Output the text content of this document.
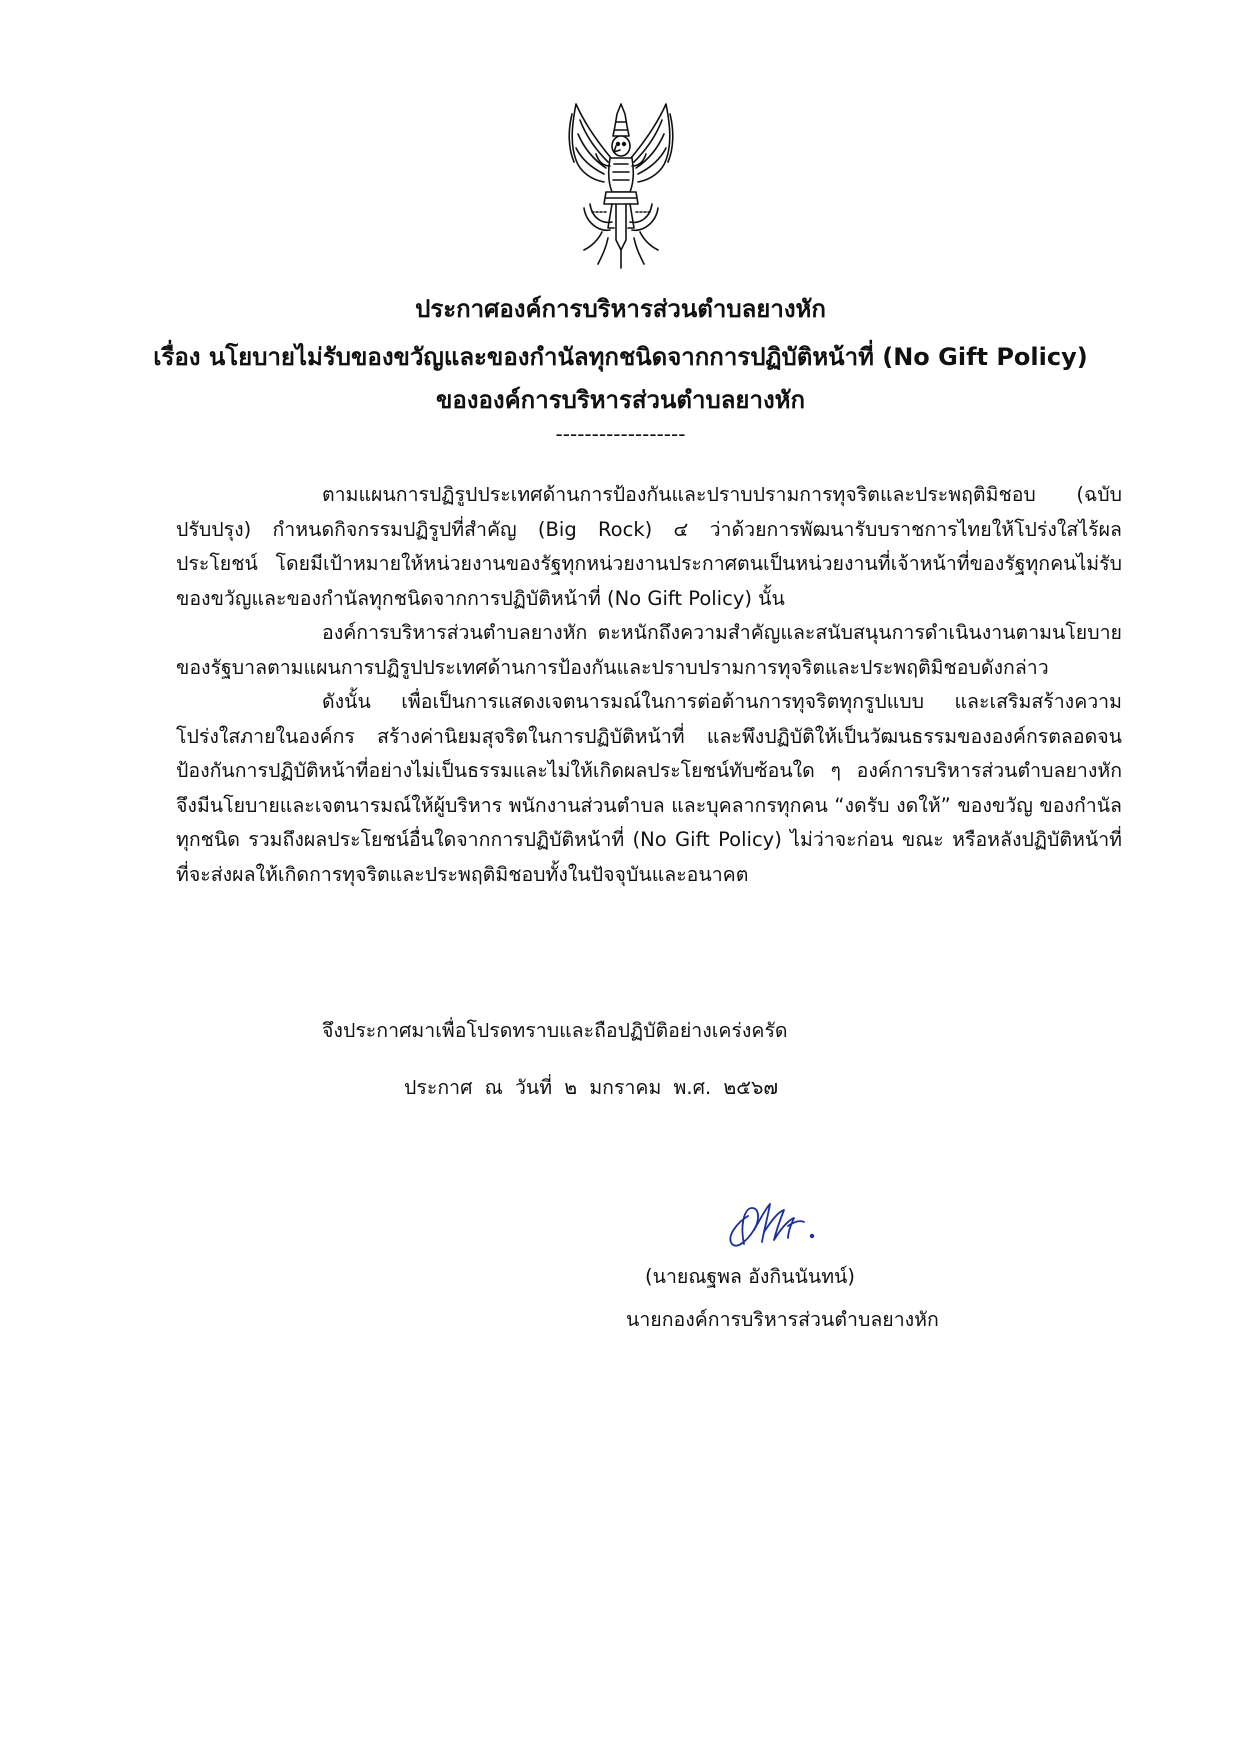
ประกาศองค์การบริหารส่วนตำบลยางหัก
เรื่อง นโยบายไม่รับของขวัญและของกำนัลทุกชนิดจากการปฏิบัติหน้าที่ (No Gift Policy)
ขององค์การบริหารส่วนตำบลยางหัก
------------------

ตามแผนการปฏิรูปประเทศด้านการป้องกันและปราบปรามการทุจริตและประพฤติมิชอบ (ฉบับปรับปรุง) กำหนดกิจกรรมปฏิรูปที่สำคัญ (Big Rock) ๔ ว่าด้วยการพัฒนารับบราชการไทยให้โปร่งใสไร้ผลประโยชน์ โดยมีเป้าหมายให้หน่วยงานของรัฐทุกหน่วยงานประกาศตนเป็นหน่วยงานที่เจ้าหน้าที่ของรัฐทุกคนไม่รับของขวัญและของกำนัลทุกชนิดจากการปฏิบัติหน้าที่ (No Gift Policy) นั้น

องค์การบริหารส่วนตำบลยางหัก ตะหนักถึงความสำคัญและสนับสนุนการดำเนินงานตามนโยบายของรัฐบาลตามแผนการปฏิรูปประเทศด้านการป้องกันและปราบปรามการทุจริตและประพฤติมิชอบดังกล่าว

ดังนั้น เพื่อเป็นการแสดงเจตนารมณ์ในการต่อต้านการทุจริตทุกรูปแบบ และเสริมสร้างความโปร่งใสภายในองค์กร สร้างค่านิยมสุจริตในการปฏิบัติหน้าที่ และพึงปฏิบัติให้เป็นวัฒนธรรมขององค์กรตลอดจนป้องกันการปฏิบัติหน้าที่อย่างไม่เป็นธรรมและไม่ให้เกิดผลประโยชน์ทับซ้อนใด ๆ องค์การบริหารส่วนตำบลยางหักจึงมีนโยบายและเจตนารมณ์ให้ผู้บริหาร พนักงานส่วนตำบล และบุคลากรทุกคน “งดรับ งดให้” ของขวัญ ของกำนัลทุกชนิด รวมถึงผลประโยชน์อื่นใดจากการปฏิบัติหน้าที่ (No Gift Policy) ไม่ว่าจะก่อน ขณะ หรือหลังปฏิบัติหน้าที่ ที่จะส่งผลให้เกิดการทุจริตและประพฤติมิชอบทั้งในปัจจุบันและอนาคต

จึงประกาศมาเพื่อโปรดทราบและถือปฏิบัติอย่างเคร่งครัด
ประกาศ ณ วันที่ ๒ มกราคม พ.ศ. ๒๕๖๗
(นายณฐพล อังกินนันทน์)
นายกองค์การบริหารส่วนตำบลยางหัก
